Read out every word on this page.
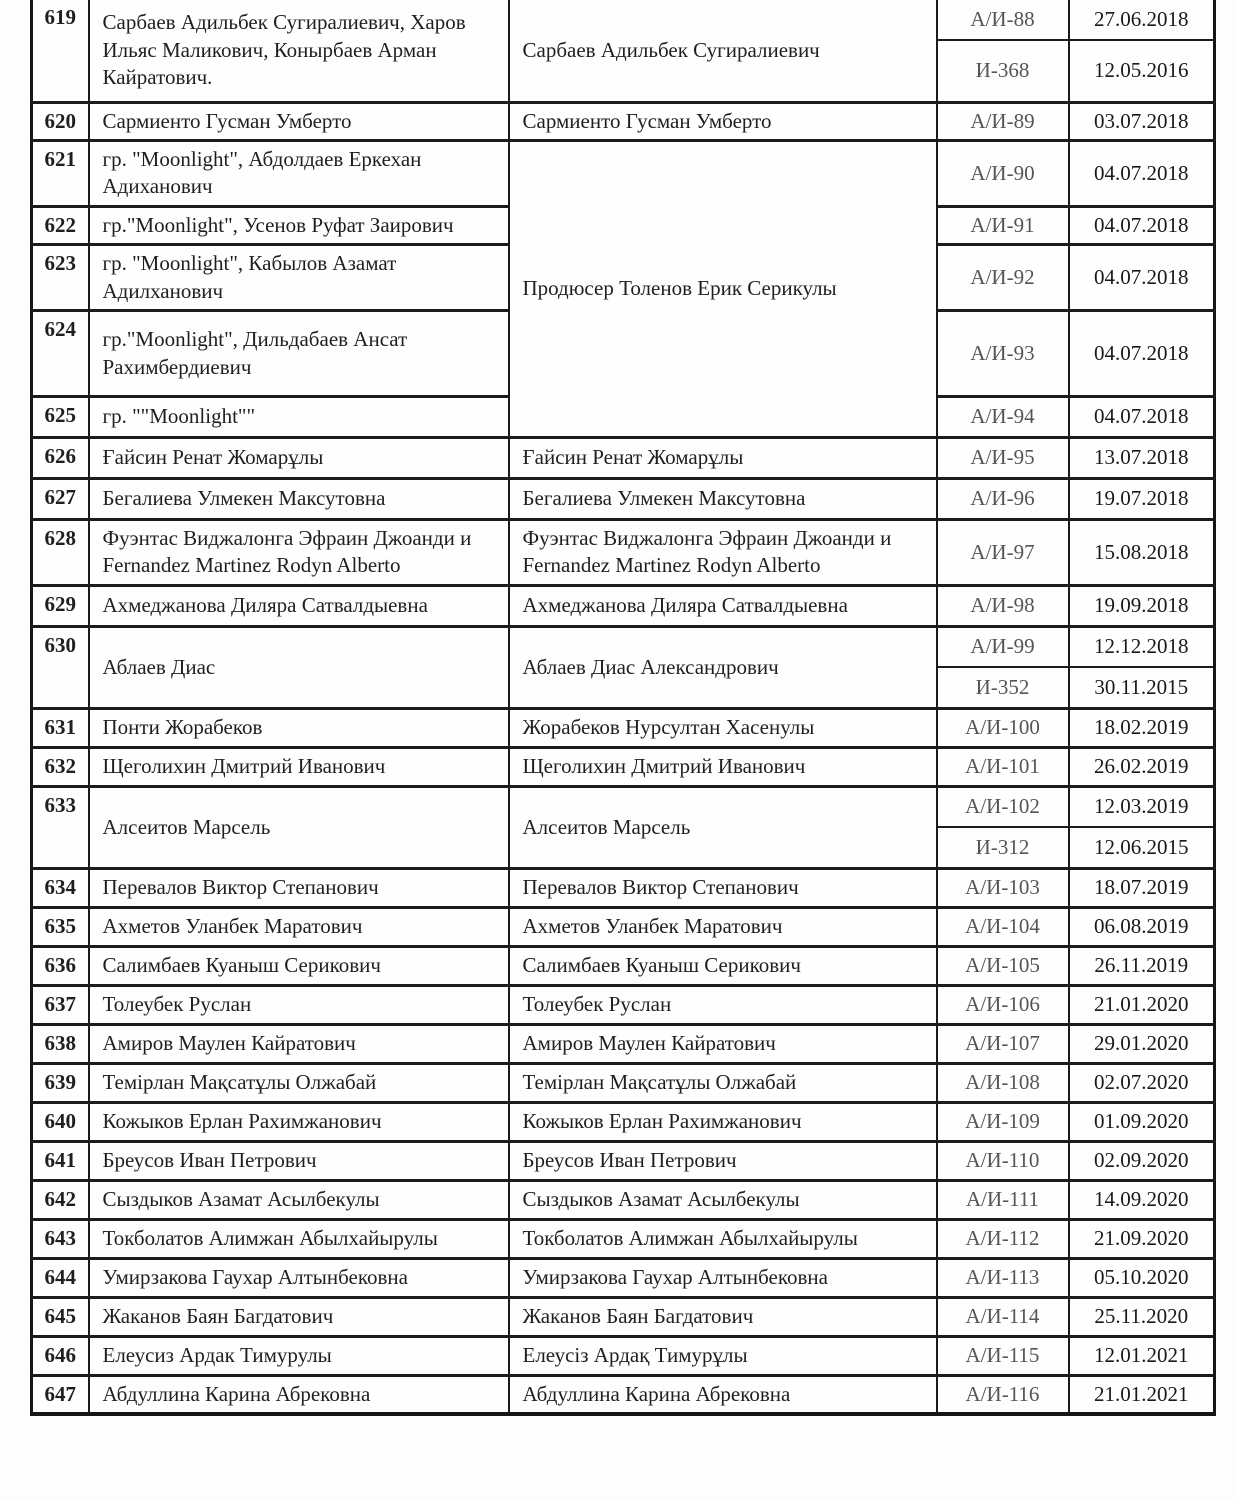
619	Сарбаев Адильбек Сугиралиевич, Харов Ильяс Маликович, Конырбаев Арман Кайратович.	Сарбаев Адильбек Сугиралиевич	А/И-88	27.06.2018
			И-368	12.05.2016
620	Сармиенто Гусман Умберто	Сармиенто Гусман Умберто	А/И-89	03.07.2018
621	гр. "Moonlight", Абдолдаев Еркехан Адиханович	Продюсер Толенов Ерик Серикулы	А/И-90	04.07.2018
622	гр."Moonlight", Усенов Руфат Заирович		А/И-91	04.07.2018
623	гр. "Moonlight", Кабылов Азамат Адилханович		А/И-92	04.07.2018
624	гр."Moonlight", Дильдабаев Ансат Рахимбердиевич		А/И-93	04.07.2018
625	гр. ""Moonlight""		А/И-94	04.07.2018
626	Ғайсин Ренат Жомарұлы	Ғайсин Ренат Жомарұлы	А/И-95	13.07.2018
627	Бегалиева Улмекен Максутовна	Бегалиева Улмекен Максутовна	А/И-96	19.07.2018
628	Фуэнтас Виджалонга Эфраин Джоанди и Fernandez Martinez Rodyn Alberto	Фуэнтас Виджалонга Эфраин Джоанди и Fernandez Martinez Rodyn Alberto	А/И-97	15.08.2018
629	Ахмеджанова Диляра Сатвалдыевна	Ахмеджанова Диляра Сатвалдыевна	А/И-98	19.09.2018
630	Аблаев Диас	Аблаев Диас Александрович	А/И-99	12.12.2018
			И-352	30.11.2015
631	Понти Жорабеков	Жорабеков Нурсултан Хасенулы	А/И-100	18.02.2019
632	Щеголихин Дмитрий Иванович	Щеголихин Дмитрий Иванович	А/И-101	26.02.2019
633	Алсеитов Марсель	Алсеитов Марсель	А/И-102	12.03.2019
			И-312	12.06.2015
634	Перевалов Виктор Степанович	Перевалов Виктор Степанович	А/И-103	18.07.2019
635	Ахметов Уланбек Маратович	Ахметов Уланбек Маратович	А/И-104	06.08.2019
636	Салимбаев Куаныш Серикович	Салимбаев Куаныш Серикович	А/И-105	26.11.2019
637	Толеубек Руслан	Толеубек Руслан	А/И-106	21.01.2020
638	Амиров Маулен Кайратович	Амиров Маулен Кайратович	А/И-107	29.01.2020
639	Темірлан Мақсатұлы Олжабай	Темірлан Мақсатұлы Олжабай	А/И-108	02.07.2020
640	Кожыков Ерлан Рахимжанович	Кожыков Ерлан Рахимжанович	А/И-109	01.09.2020
641	Бреусов Иван Петрович	Бреусов Иван Петрович	А/И-110	02.09.2020
642	Сыздыков Азамат Асылбекулы	Сыздыков Азамат Асылбекулы	А/И-111	14.09.2020
643	Токболатов Алимжан Абылхайырулы	Токболатов Алимжан Абылхайырулы	А/И-112	21.09.2020
644	Умирзакова Гаухар Алтынбековна	Умирзакова Гаухар Алтынбековна	А/И-113	05.10.2020
645	Жаканов Баян Багдатович	Жаканов Баян Багдатович	А/И-114	25.11.2020
646	Елеусиз Ардак Тимурулы	Елеусіз Ардақ Тимурұлы	А/И-115	12.01.2021
647	Абдуллина Карина Абрековна	Абдуллина Карина Абрековна	А/И-116	21.01.2021
